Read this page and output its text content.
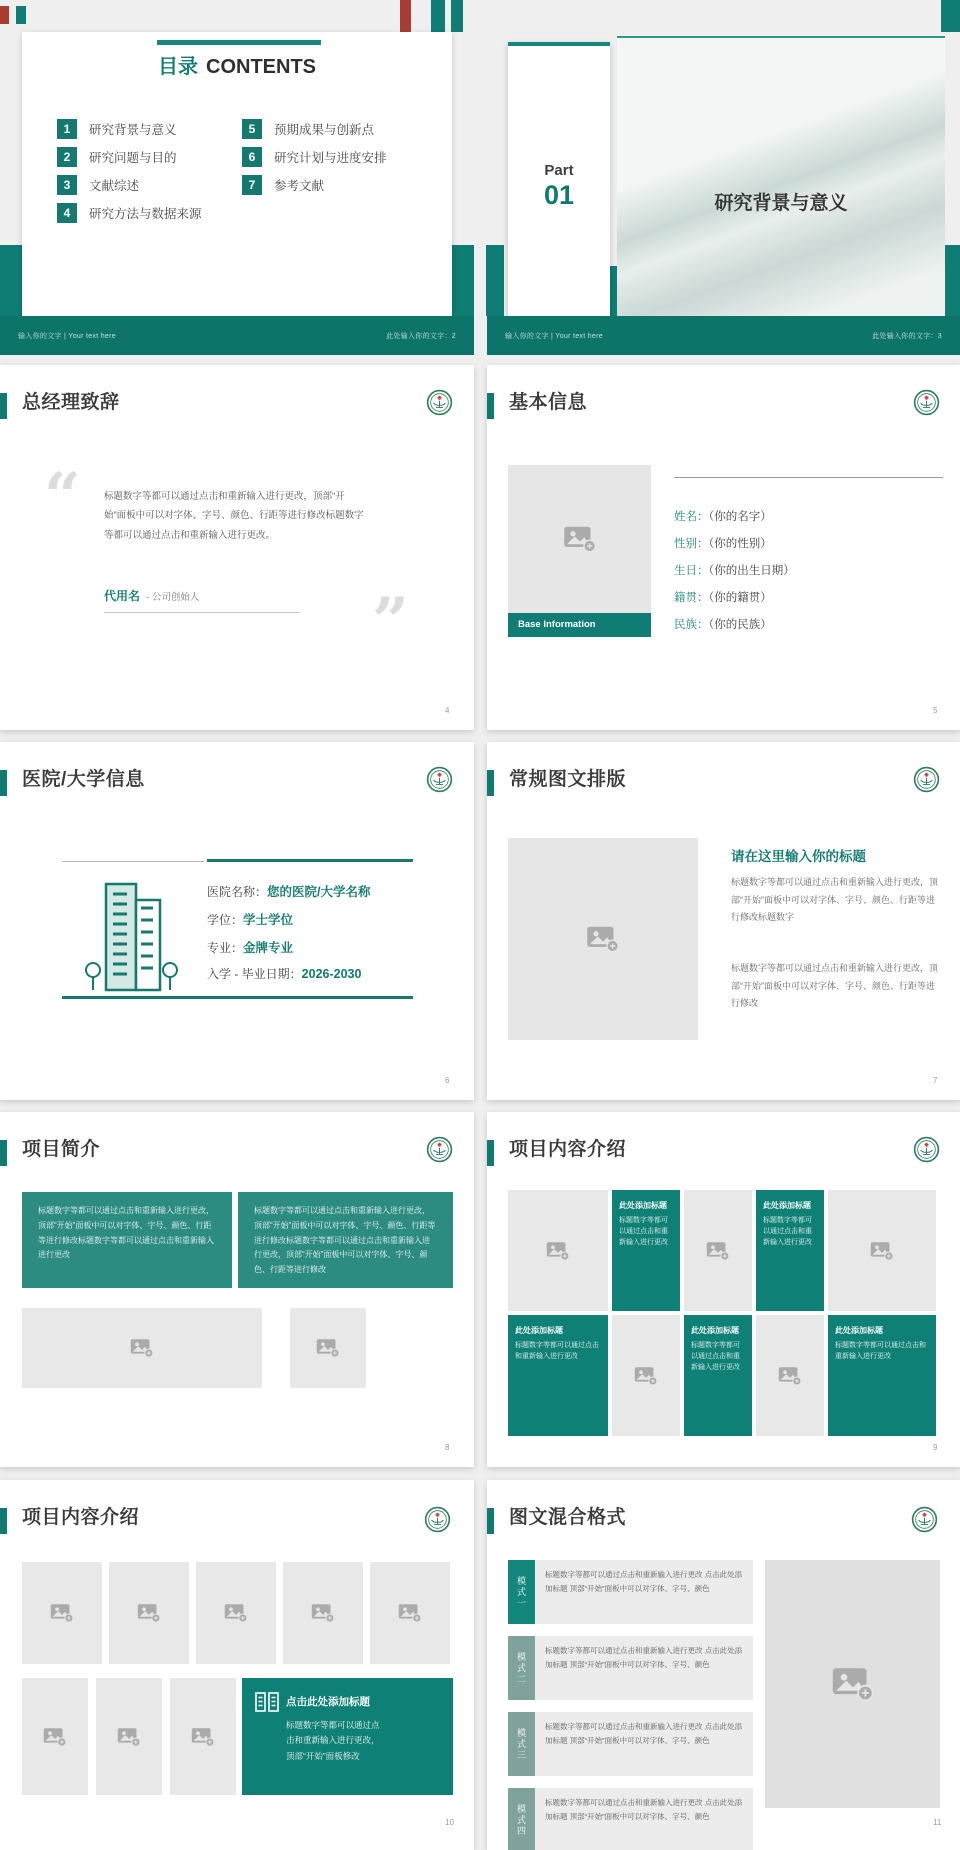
目录 CONTENTS
1	研究背景与意义
2	研究问题与目的
3	文献综述
4	研究方法与数据来源
5	预期成果与创新点
6	研究计划与进度安排
7	参考文献
输入你的文字 | Your text here	此处输入你的文字：2
研究背景与意义
Part
01
输入你的文字 | Your text here	此处输入你的文字：3
总经理致辞
“ 标题数字等都可以通过点击和重新输入进行更改，顶部“开始”面板中可以对字体、字号、颜色、行距等进行修改标题数字等都可以通过点击和重新输入进行更改。
代用名 - 公司创始人	”
4
基本信息
Base Information
姓名：（你的名字）
性别：（你的性别）
生日：（你的出生日期）
籍贯：（你的籍贯）
民族：（你的民族）
5
医院/大学信息
医院名称：您的医院/大学名称
学位：学士学位
专业：金牌专业
入学 - 毕业日期：2026-2030
6
常规图文排版
请在这里输入你的标题
标题数字等都可以通过点击和重新输入进行更改，顶部“开始”面板中可以对字体、字号、颜色、行距等进行修改标题数字
标题数字等都可以通过点击和重新输入进行更改，顶部“开始”面板中可以对字体、字号、颜色、行距等进行修改
7
项目简介
标题数字等都可以通过点击和重新输入进行更改，顶部“开始”面板中可以对字体、字号、颜色、行距等进行修改标题数字等都可以通过点击和重新输入进行更改
标题数字等都可以通过点击和重新输入进行更改，顶部“开始”面板中可以对字体、字号、颜色、行距等进行修改标题数字等都可以通过点击和重新输入进行更改，顶部“开始”面板中可以对字体、字号、颜色、行距等进行修改
8
项目内容介绍
此处添加标题
标题数字等都可以通过点击和重新输入进行更改
此处添加标题
标题数字等都可以通过点击和重新输入进行更改
此处添加标题
标题数字等都可以通过点击和重新输入进行更改
此处添加标题
标题数字等都可以通过点击和重新输入进行更改
此处添加标题
标题数字等都可以通过点击和重新输入进行更改
9
项目内容介绍
点击此处添加标题
标题数字等都可以通过点击和重新输入进行更改，顶部“开始”面板修改
10
图文混合格式
模式一
标题数字等都可以通过点击和重新输入进行更改 点击此处添加标题 顶部“开始”面板中可以对字体、字号、颜色
模式二
标题数字等都可以通过点击和重新输入进行更改 点击此处添加标题 顶部“开始”面板中可以对字体、字号、颜色
模式三
标题数字等都可以通过点击和重新输入进行更改 点击此处添加标题 顶部“开始”面板中可以对字体、字号、颜色
模式四
标题数字等都可以通过点击和重新输入进行更改 点击此处添加标题 顶部“开始”面板中可以对字体、字号、颜色
11
